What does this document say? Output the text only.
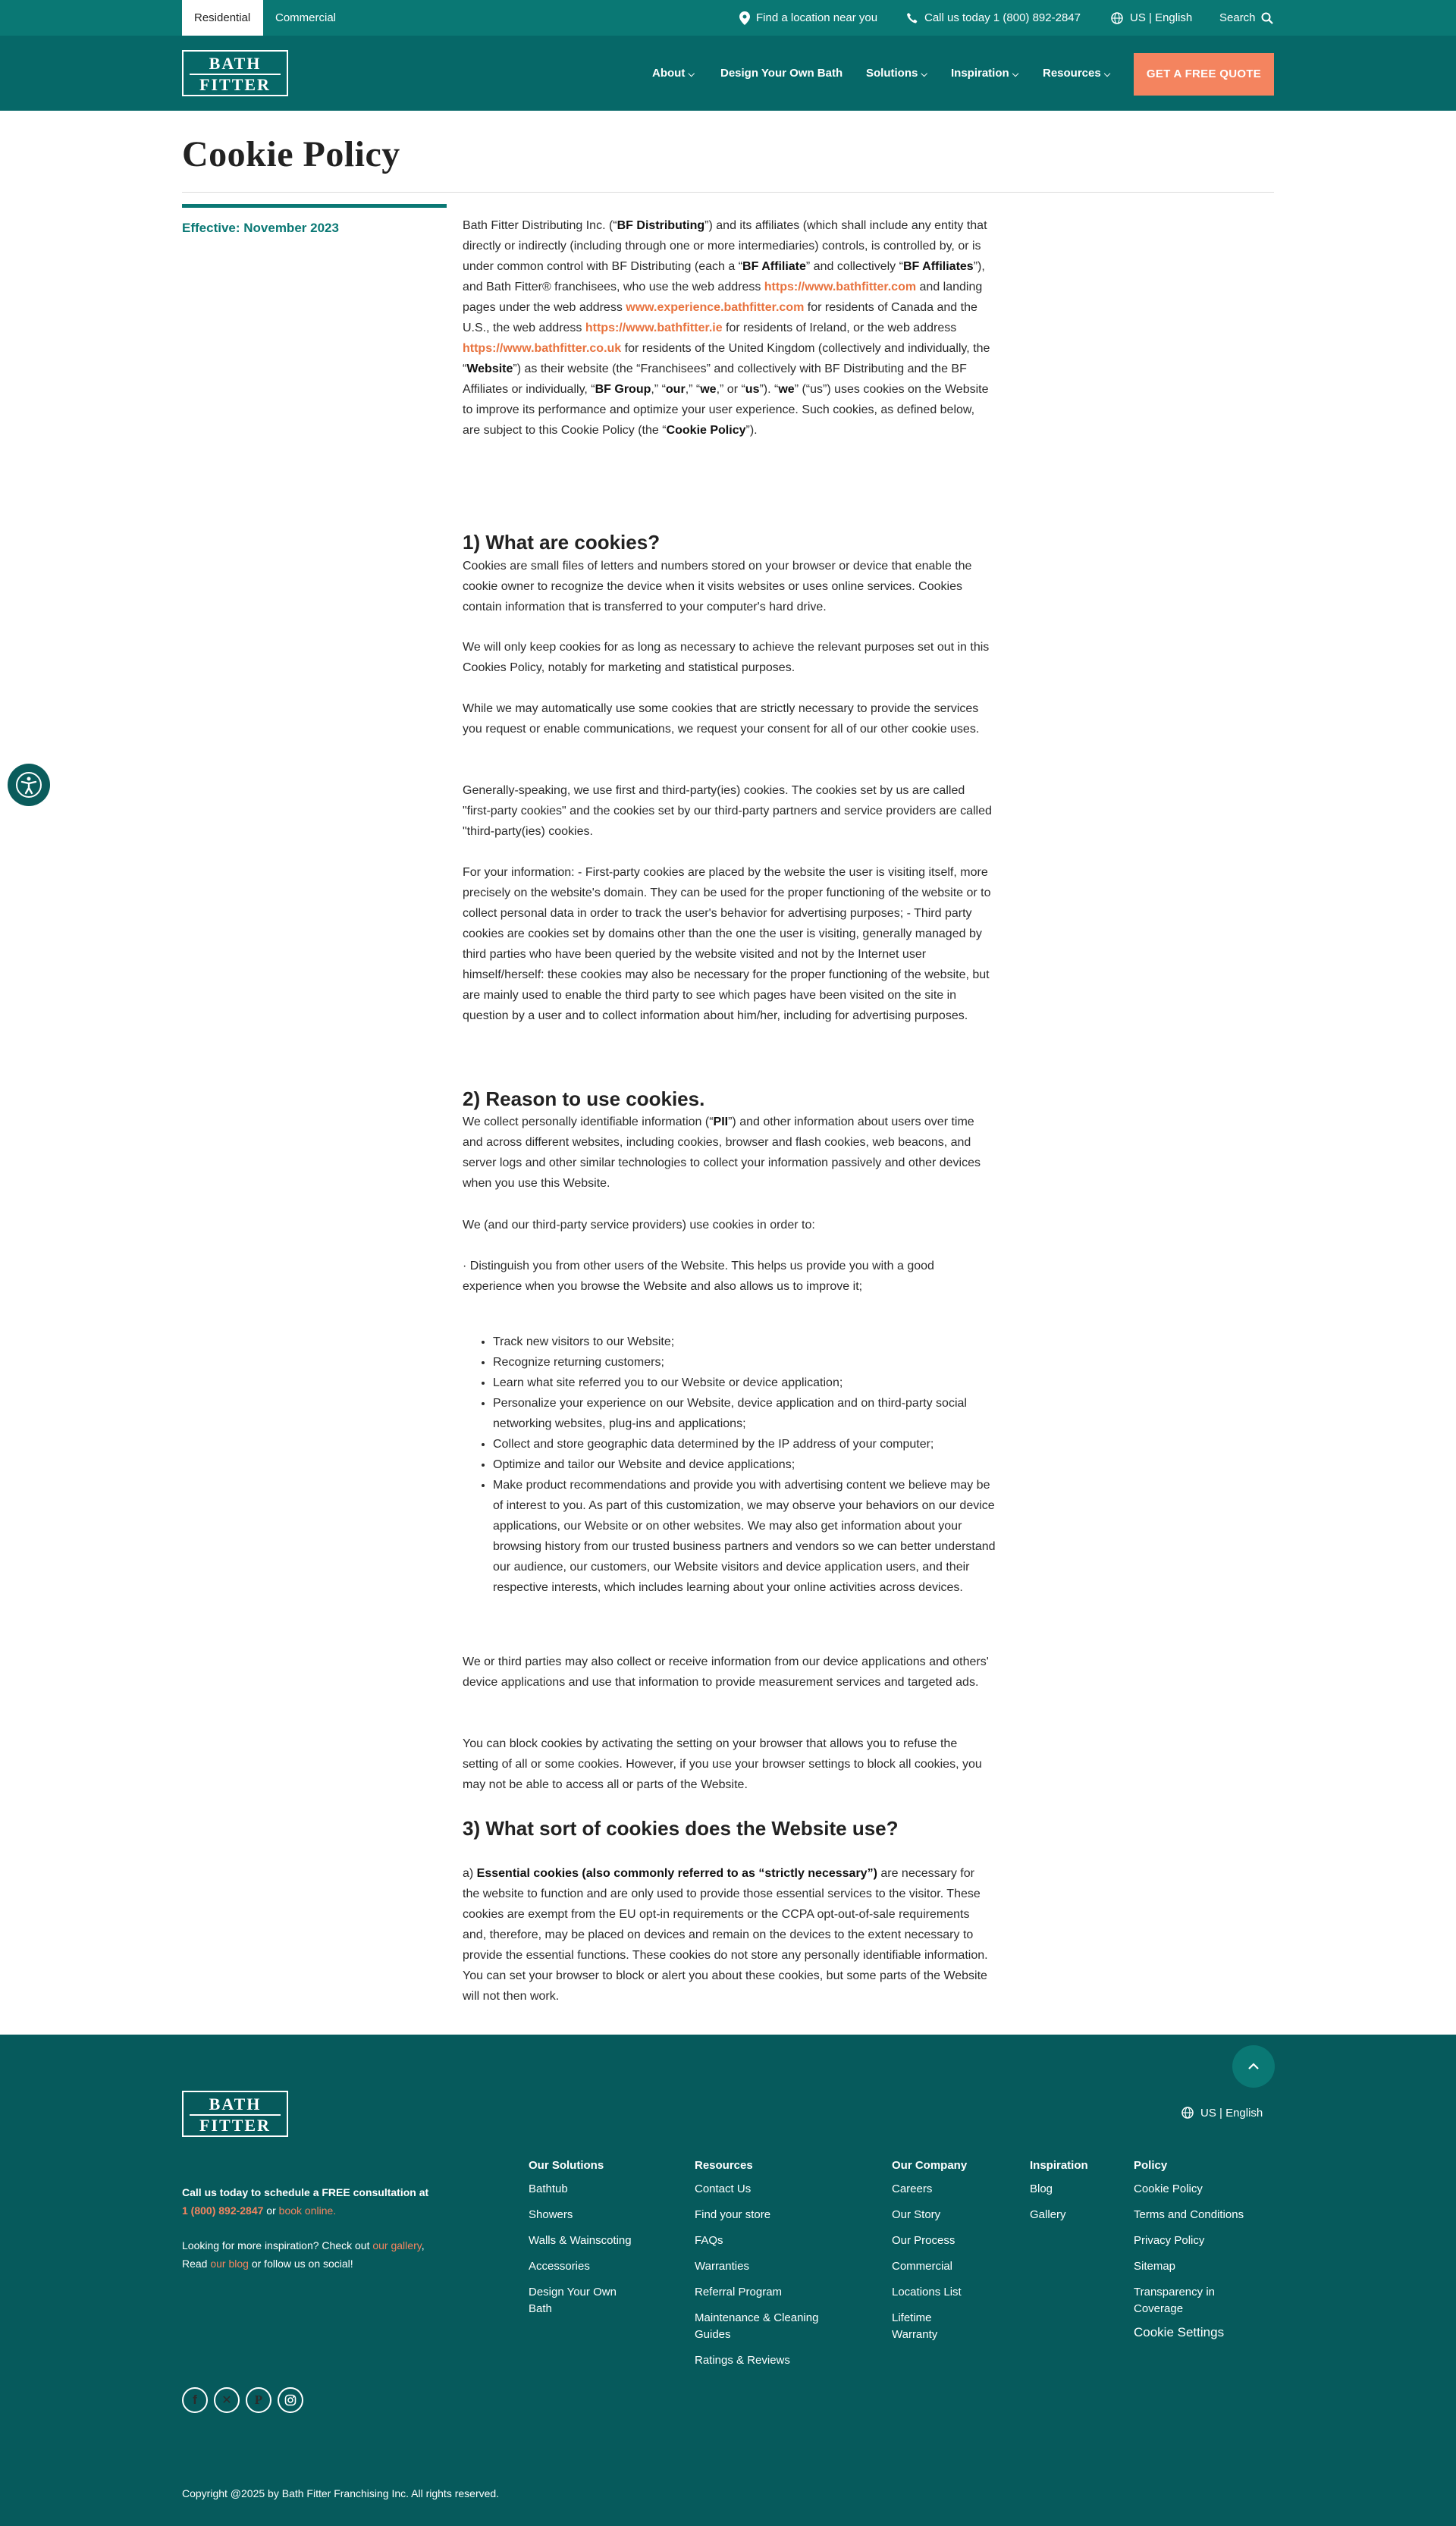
Residential	Commercial	Find a location near you	Call us today 1 (800) 892-2847	US | English Search
BATH
FITTER
About ⌵ Design Your Own Bath Solutions ⌵ Inspiration ⌵ Resources ⌵	GET A FREE QUOTE
Cookie Policy
Effective: November 2023	Bath Fitter Distributing Inc. (“BF Distributing”) and its affiliates (which shall include any entity that directly or indirectly (including through one or more intermediaries) controls, is controlled by, or is under common control with BF Distributing (each a “BF Affiliate” and collectively “BF Affiliates”), and Bath Fitter® franchisees, who use the web address https://www.bathfitter.com and landing pages under the web address www.experience.bathfitter.com for residents of Canada and the U.S., the web address https://www.bathfitter.ie for residents of Ireland, or the web address https://www.bathfitter.co.uk for residents of the United Kingdom (collectively and individually, the “Website”) as their website (the “Franchisees” and collectively with BF Distributing and the BF Affiliates or individually, “BF Group,” “our,” “we,” or “us”). “we” (“us”) uses cookies on the Website to improve its performance and optimize your user experience. Such cookies, as defined below, are subject to this Cookie Policy (the “Cookie Policy”).

1) What are cookies?

Cookies are small files of letters and numbers stored on your browser or device that enable the cookie owner to recognize the device when it visits websites or uses online services. Cookies contain information that is transferred to your computer's hard drive.

We will only keep cookies for as long as necessary to achieve the relevant purposes set out in this Cookies Policy, notably for marketing and statistical purposes.

While we may automatically use some cookies that are strictly necessary to provide the services you request or enable communications, we request your consent for all of our other cookie uses.

Generally-speaking, we use first and third-party(ies) cookies. The cookies set by us are called "first-party cookies" and the cookies set by our third-party partners and service providers are called "third-party(ies) cookies.

For your information: - First-party cookies are placed by the website the user is visiting itself, more precisely on the website's domain. They can be used for the proper functioning of the website or to collect personal data in order to track the user's behavior for advertising purposes; - Third party cookies are cookies set by domains other than the one the user is visiting, generally managed by third parties who have been queried by the website visited and not by the Internet user himself/herself: these cookies may also be necessary for the proper functioning of the website, but are mainly used to enable the third party to see which pages have been visited on the site in question by a user and to collect information about him/her, including for advertising purposes.

2) Reason to use cookies.

We collect personally identifiable information (“PII”) and other information about users over time and across different websites, including cookies, browser and flash cookies, web beacons, and server logs and other similar technologies to collect your information passively and other devices when you use this Website.

We (and our third-party service providers) use cookies in order to:

· Distinguish you from other users of the Website. This helps us provide you with a good experience when you browse the Website and also allows us to improve it;

• Track new visitors to our Website;
• Recognize returning customers;
• Learn what site referred you to our Website or device application;
• Personalize your experience on our Website, device application and on third-party social networking websites, plug-ins and applications;
• Collect and store geographic data determined by the IP address of your computer;
• Optimize and tailor our Website and device applications;
• Make product recommendations and provide you with advertising content we believe may be of interest to you. As part of this customization, we may observe your behaviors on our device applications, our Website or on other websites. We may also get information about your browsing history from our trusted business partners and vendors so we can better understand our audience, our customers, our Website visitors and device application users, and their respective interests, which includes learning about your online activities across devices.

We or third parties may also collect or receive information from our device applications and others' device applications and use that information to provide measurement services and targeted ads.

You can block cookies by activating the setting on your browser that allows you to refuse the setting of all or some cookies. However, if you use your browser settings to block all cookies, you may not be able to access all or parts of the Website.

3) What sort of cookies does the Website use?

a) Essential cookies (also commonly referred to as “strictly necessary”) are necessary for the website to function and are only used to provide those essential services to the visitor. These cookies are exempt from the EU opt-in requirements or the CCPA opt-out-of-sale requirements and, therefore, may be placed on devices and remain on the devices to the extent necessary to provide the essential functions. These cookies do not store any personally identifiable information. You can set your browser to block or alert you about these cookies, but some parts of the Website will not then work.

BATH
FITTER
US | English
Call us today to schedule a FREE consultation at
1 (800) 892-2847 or book online.
Looking for more inspiration? Check out our gallery,
Read our blog or follow us on social!
Our Solutions
Bathtub
Showers
Walls & Wainscoting
Accessories
Design Your Own Bath
Resources
Contact Us
Find your store
FAQs
Warranties
Referral Program
Maintenance & Cleaning Guides
Ratings & Reviews
Our Company
Careers
Our Story
Our Process
Commercial
Locations List
Lifetime Warranty
Inspiration
Blog
Gallery
Policy
Cookie Policy
Terms and Conditions
Privacy Policy
Sitemap
Transparency in Coverage
Cookie Settings
f ✕ P
Copyright @2025 by Bath Fitter Franchising Inc. All rights reserved.
